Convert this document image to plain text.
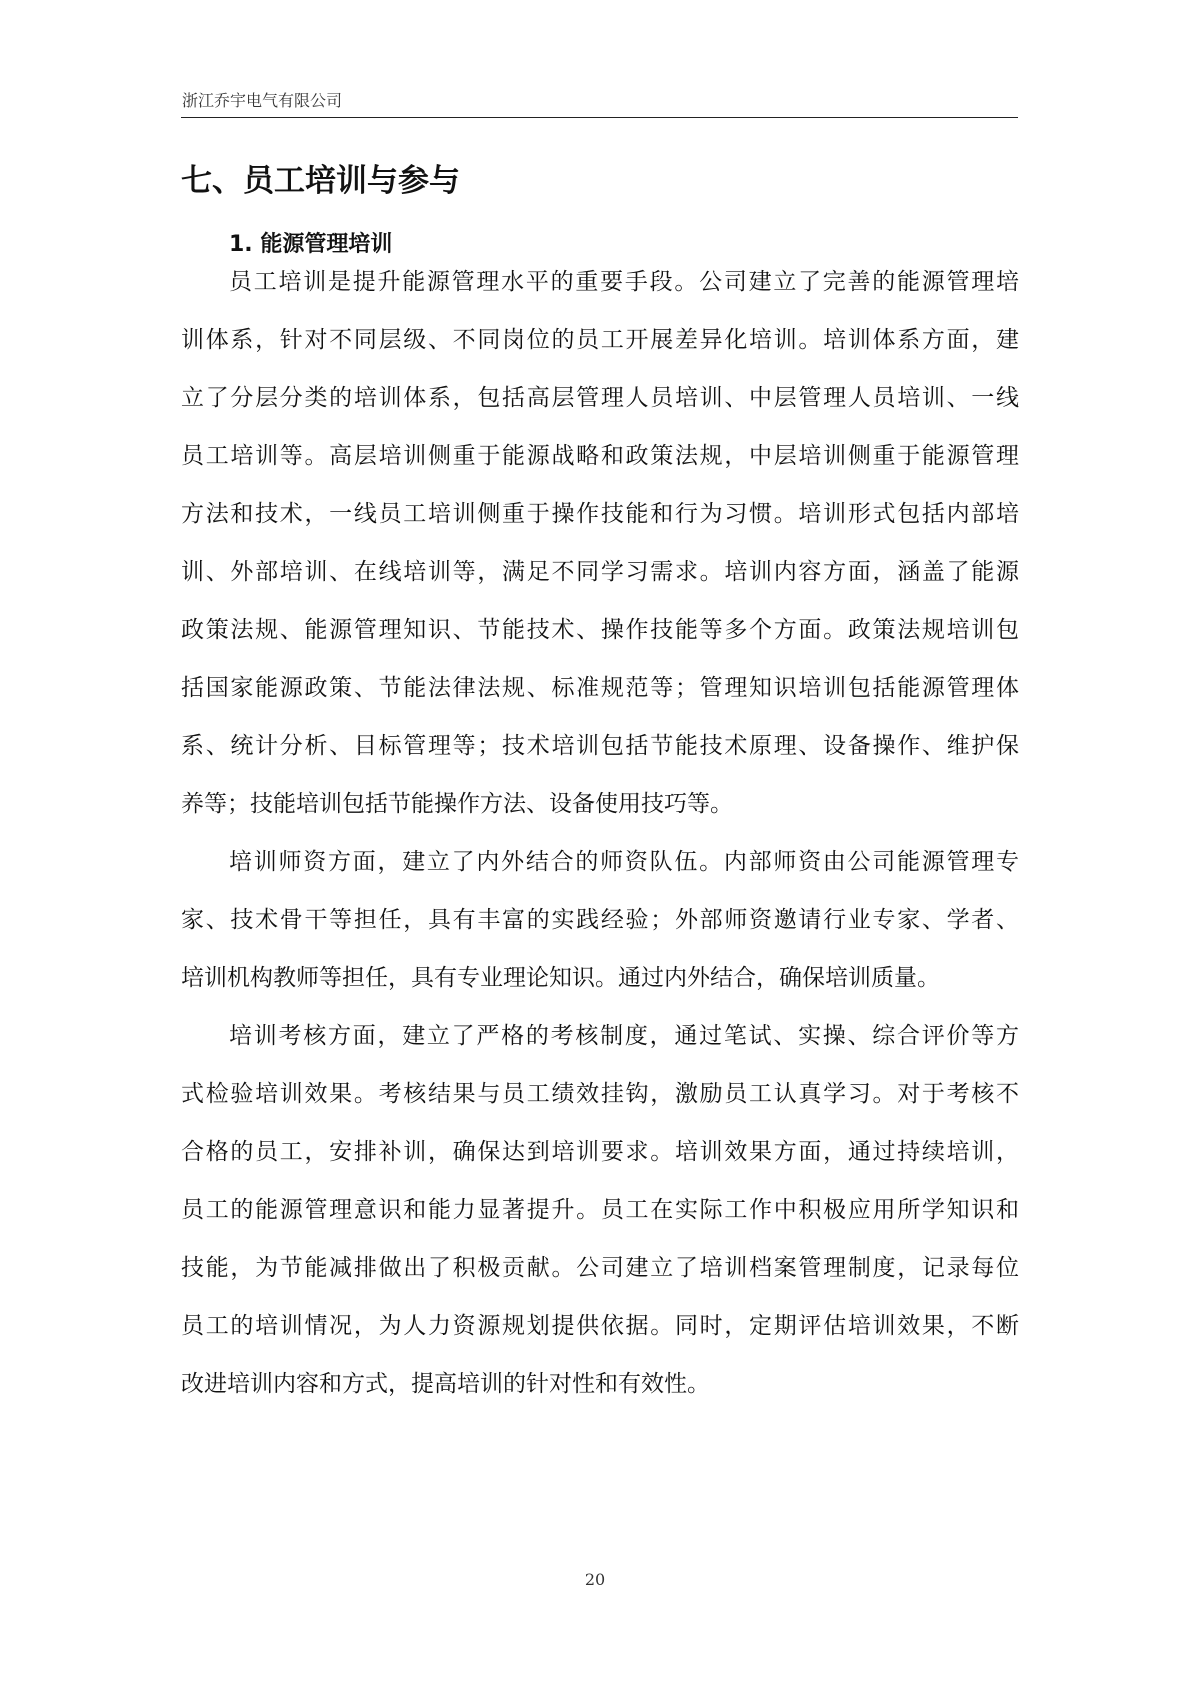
浙江乔宇电气有限公司
七、员工培训与参与
1. 能源管理培训
员工培训是提升能源管理水平的重要手段。公司建立了完善的能源管理培
训体系，针对不同层级、不同岗位的员工开展差异化培训。培训体系方面，建
立了分层分类的培训体系，包括高层管理人员培训、中层管理人员培训、一线
员工培训等。高层培训侧重于能源战略和政策法规，中层培训侧重于能源管理
方法和技术，一线员工培训侧重于操作技能和行为习惯。培训形式包括内部培
训、外部培训、在线培训等，满足不同学习需求。培训内容方面，涵盖了能源
政策法规、能源管理知识、节能技术、操作技能等多个方面。政策法规培训包
括国家能源政策、节能法律法规、标准规范等；管理知识培训包括能源管理体
系、统计分析、目标管理等；技术培训包括节能技术原理、设备操作、维护保
养等；技能培训包括节能操作方法、设备使用技巧等。
培训师资方面，建立了内外结合的师资队伍。内部师资由公司能源管理专
家、技术骨干等担任，具有丰富的实践经验；外部师资邀请行业专家、学者、
培训机构教师等担任，具有专业理论知识。通过内外结合，确保培训质量。
培训考核方面，建立了严格的考核制度，通过笔试、实操、综合评价等方
式检验培训效果。考核结果与员工绩效挂钩，激励员工认真学习。对于考核不
合格的员工，安排补训，确保达到培训要求。培训效果方面，通过持续培训，
员工的能源管理意识和能力显著提升。员工在实际工作中积极应用所学知识和
技能，为节能减排做出了积极贡献。公司建立了培训档案管理制度，记录每位
员工的培训情况，为人力资源规划提供依据。同时，定期评估培训效果，不断
改进培训内容和方式，提高培训的针对性和有效性。
20
